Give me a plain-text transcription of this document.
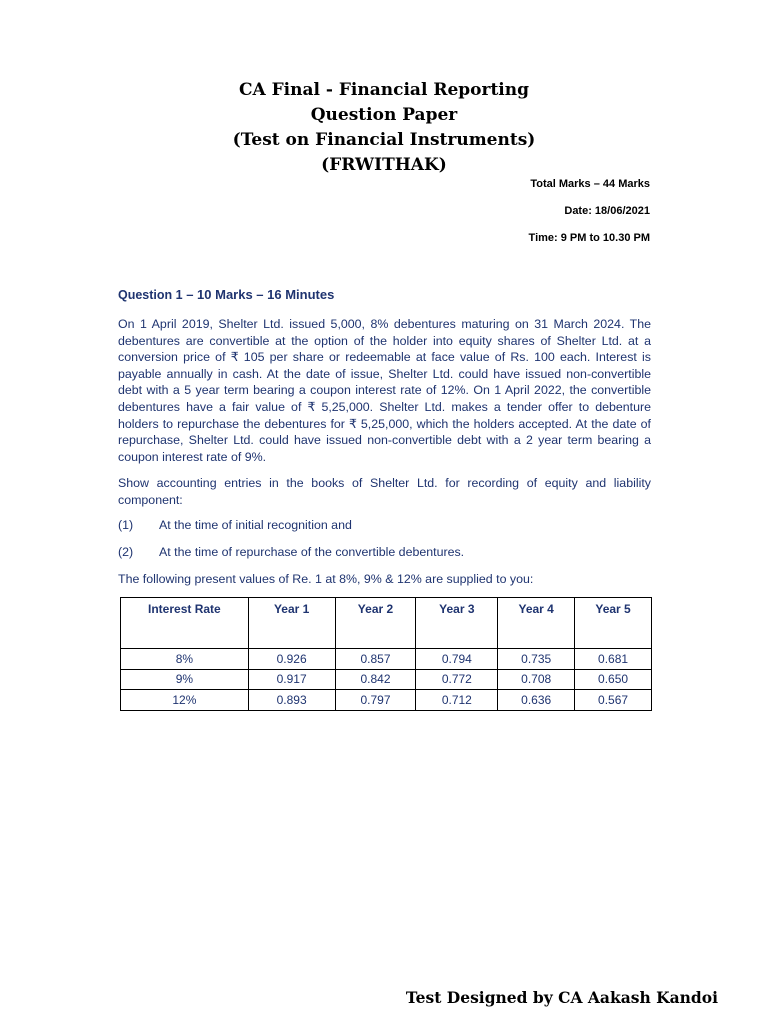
CA Final - Financial Reporting
Question Paper
(Test on Financial Instruments)
(FRWITHAK)
Total Marks – 44 Marks
Date: 18/06/2021
Time: 9 PM to 10.30 PM
Question 1 – 10 Marks – 16 Minutes
On 1 April 2019, Shelter Ltd. issued 5,000, 8% debentures maturing on 31 March 2024. The debentures are convertible at the option of the holder into equity shares of Shelter Ltd. at a conversion price of ₹ 105 per share or redeemable at face value of Rs. 100 each. Interest is payable annually in cash. At the date of issue, Shelter Ltd. could have issued non-convertible debt with a 5 year term bearing a coupon interest rate of 12%. On 1 April 2022, the convertible debentures have a fair value of ₹ 5,25,000. Shelter Ltd. makes a tender offer to debenture holders to repurchase the debentures for ₹ 5,25,000, which the holders accepted. At the date of repurchase, Shelter Ltd. could have issued non-convertible debt with a 2 year term bearing a coupon interest rate of 9%.
Show accounting entries in the books of Shelter Ltd. for recording of equity and liability component:
(1) At the time of initial recognition and
(2) At the time of repurchase of the convertible debentures.
The following present values of Re. 1 at 8%, 9% & 12% are supplied to you:
Interest Rate	Year 1	Year 2	Year 3	Year 4	Year 5
8%	0.926	0.857	0.794	0.735	0.681
9%	0.917	0.842	0.772	0.708	0.650
12%	0.893	0.797	0.712	0.636	0.567
Test Designed by CA Aakash Kandoi
